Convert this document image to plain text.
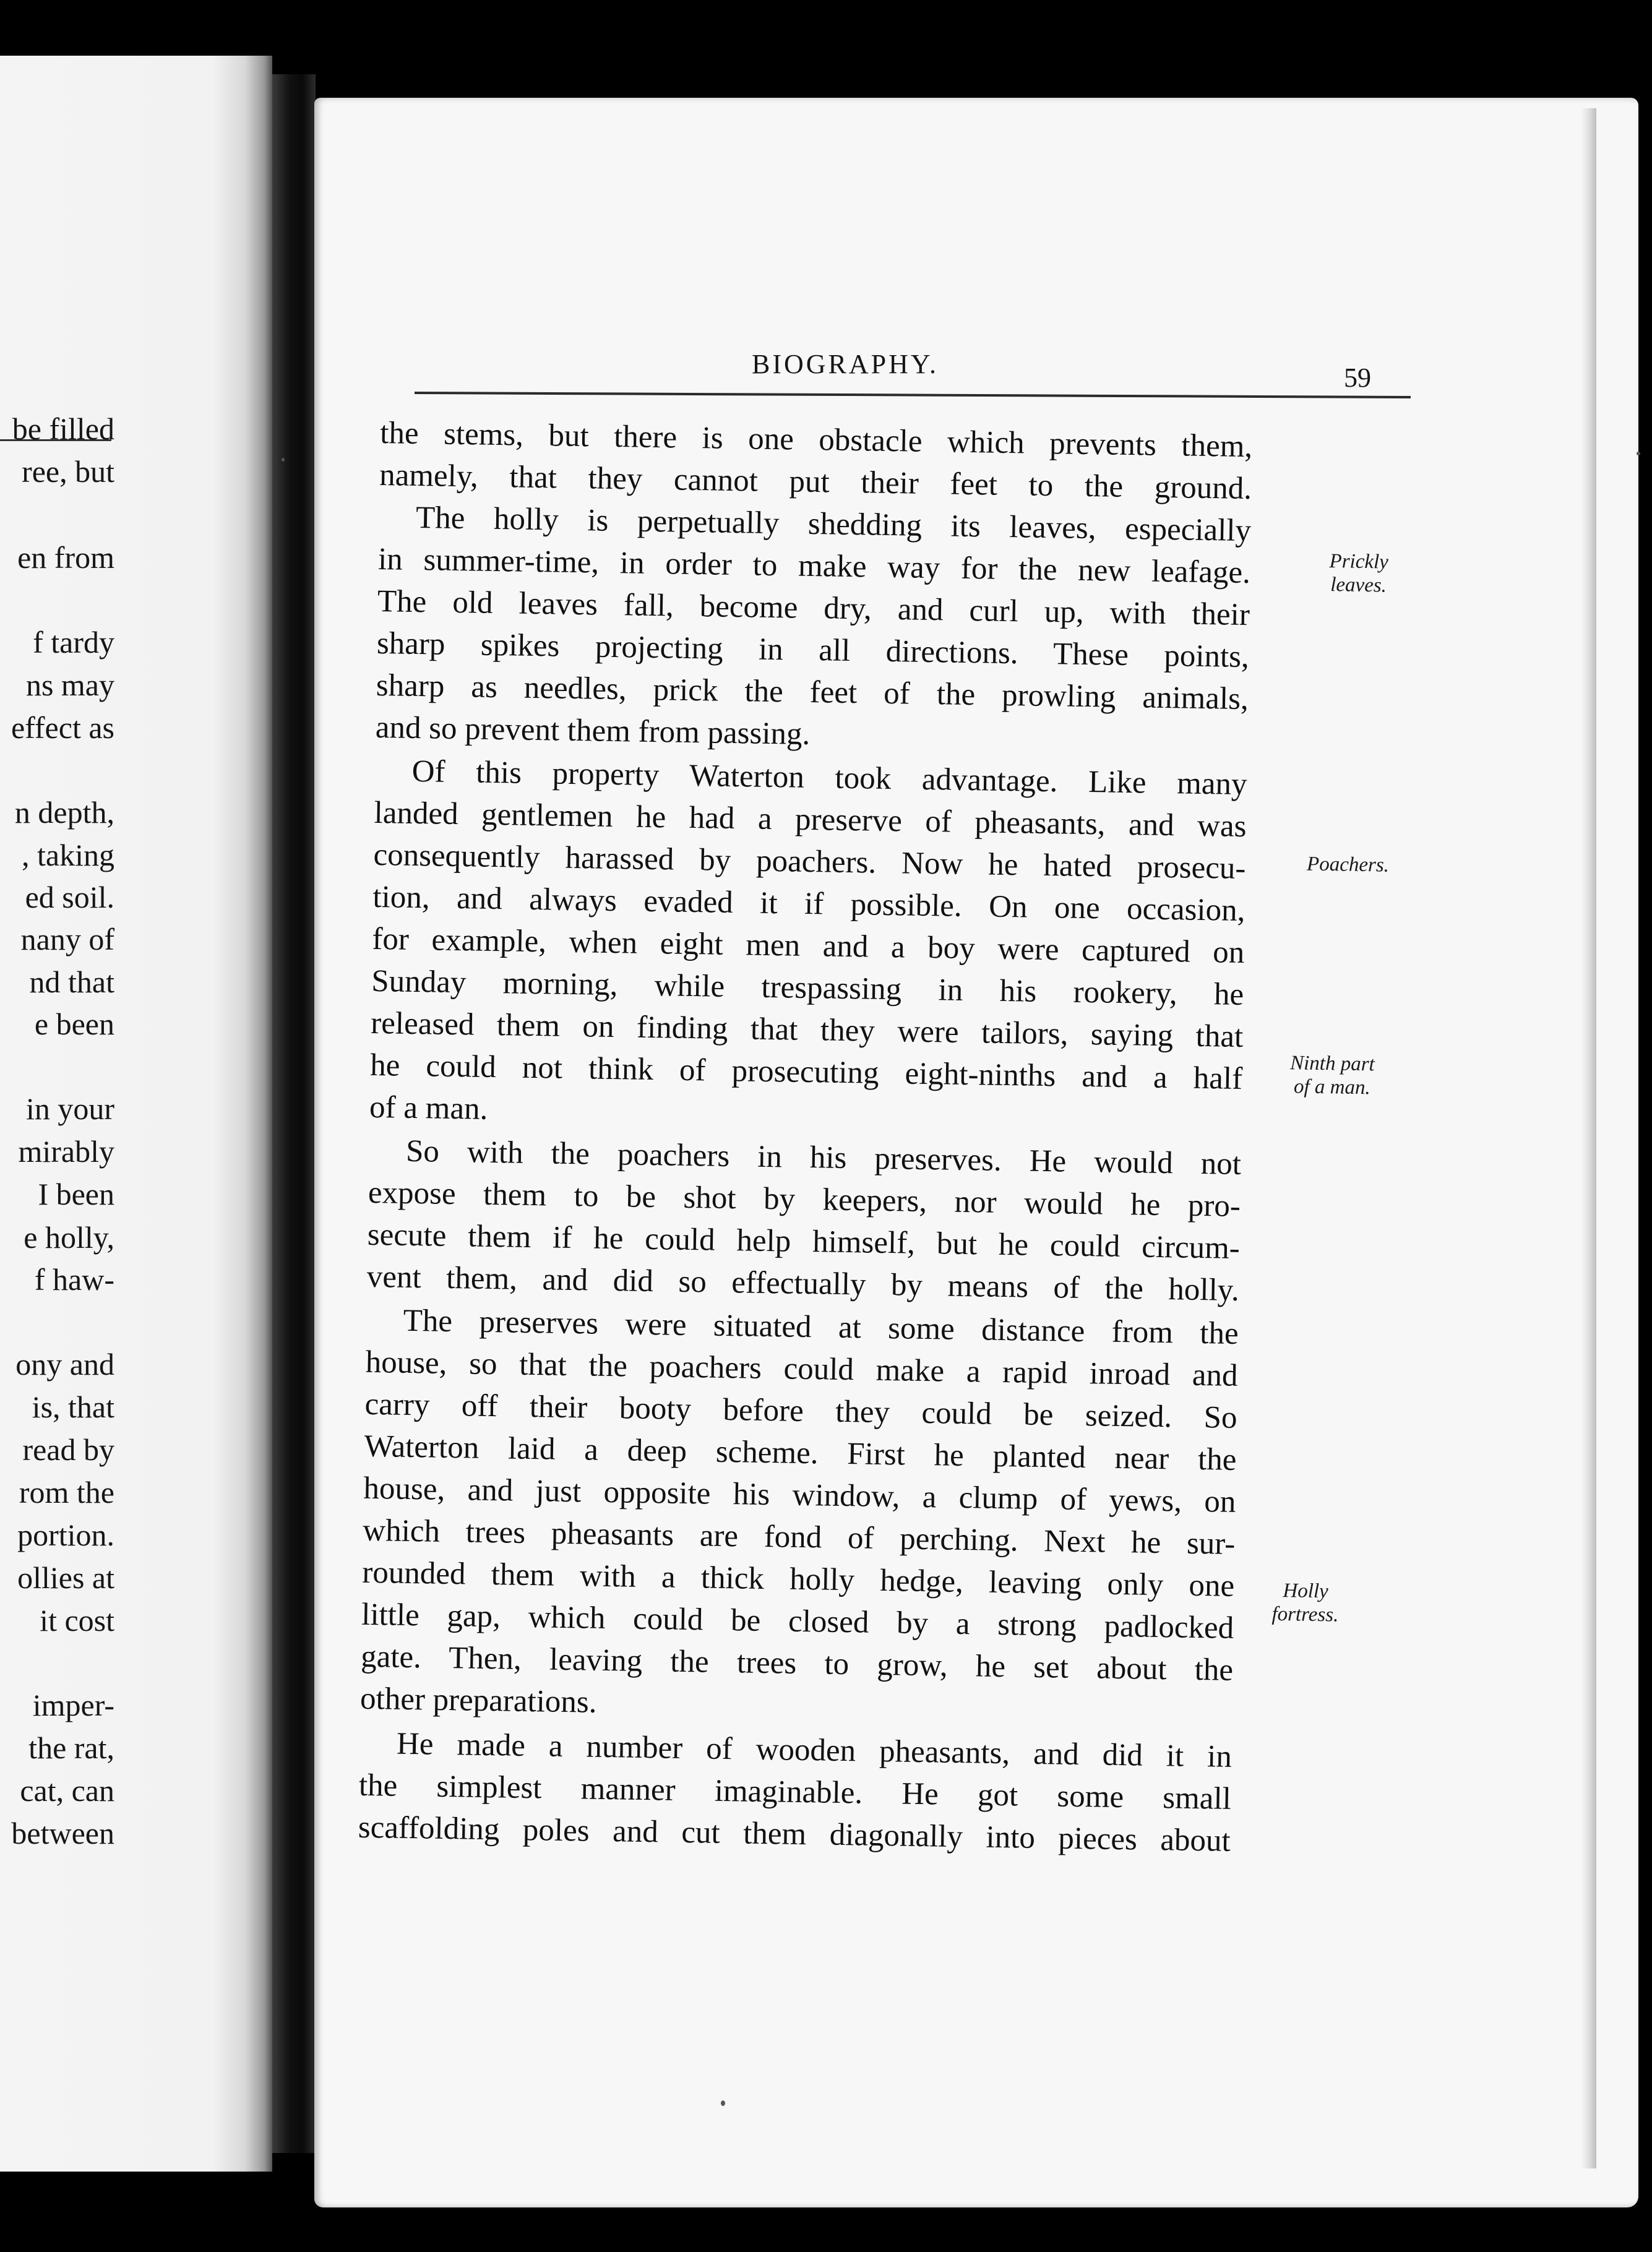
be filled
ree, but
en from
f tardy
ns may
effect as
n depth,
, taking
ed soil.
nany of
nd that
e been
in your
mirably
I been
e holly,
f haw-
ony and
is, that
read by
rom the
portion.
ollies at
it cost
imper-
the rat,
cat, can
between
BIOGRAPHY.	59
the stems, but there is one obstacle which prevents them,
namely, that they cannot put their feet to the ground.
The holly is perpetually shedding its leaves, especially
in summer-time, in order to make way for the new leafage.
The old leaves fall, become dry, and curl up, with their
sharp spikes projecting in all directions. These points,
sharp as needles, prick the feet of the prowling animals,
and so prevent them from passing.
Of this property Waterton took advantage. Like many
landed gentlemen he had a preserve of pheasants, and was
consequently harassed by poachers. Now he hated prosecu-
tion, and always evaded it if possible. On one occasion,
for example, when eight men and a boy were captured on
Sunday morning, while trespassing in his rookery, he
released them on finding that they were tailors, saying that
he could not think of prosecuting eight-ninths and a half
of a man.
So with the poachers in his preserves. He would not
expose them to be shot by keepers, nor would he pro-
secute them if he could help himself, but he could circum-
vent them, and did so effectually by means of the holly.
The preserves were situated at some distance from the
house, so that the poachers could make a rapid inroad and
carry off their booty before they could be seized. So
Waterton laid a deep scheme. First he planted near the
house, and just opposite his window, a clump of yews, on
which trees pheasants are fond of perching. Next he sur-
rounded them with a thick holly hedge, leaving only one
little gap, which could be closed by a strong padlocked
gate. Then, leaving the trees to grow, he set about the
other preparations.
He made a number of wooden pheasants, and did it in
the simplest manner imaginable. He got some small
scaffolding poles and cut them diagonally into pieces about
Prickly
leaves.
Poachers.
Ninth part
of a man.
Holly
fortress.
